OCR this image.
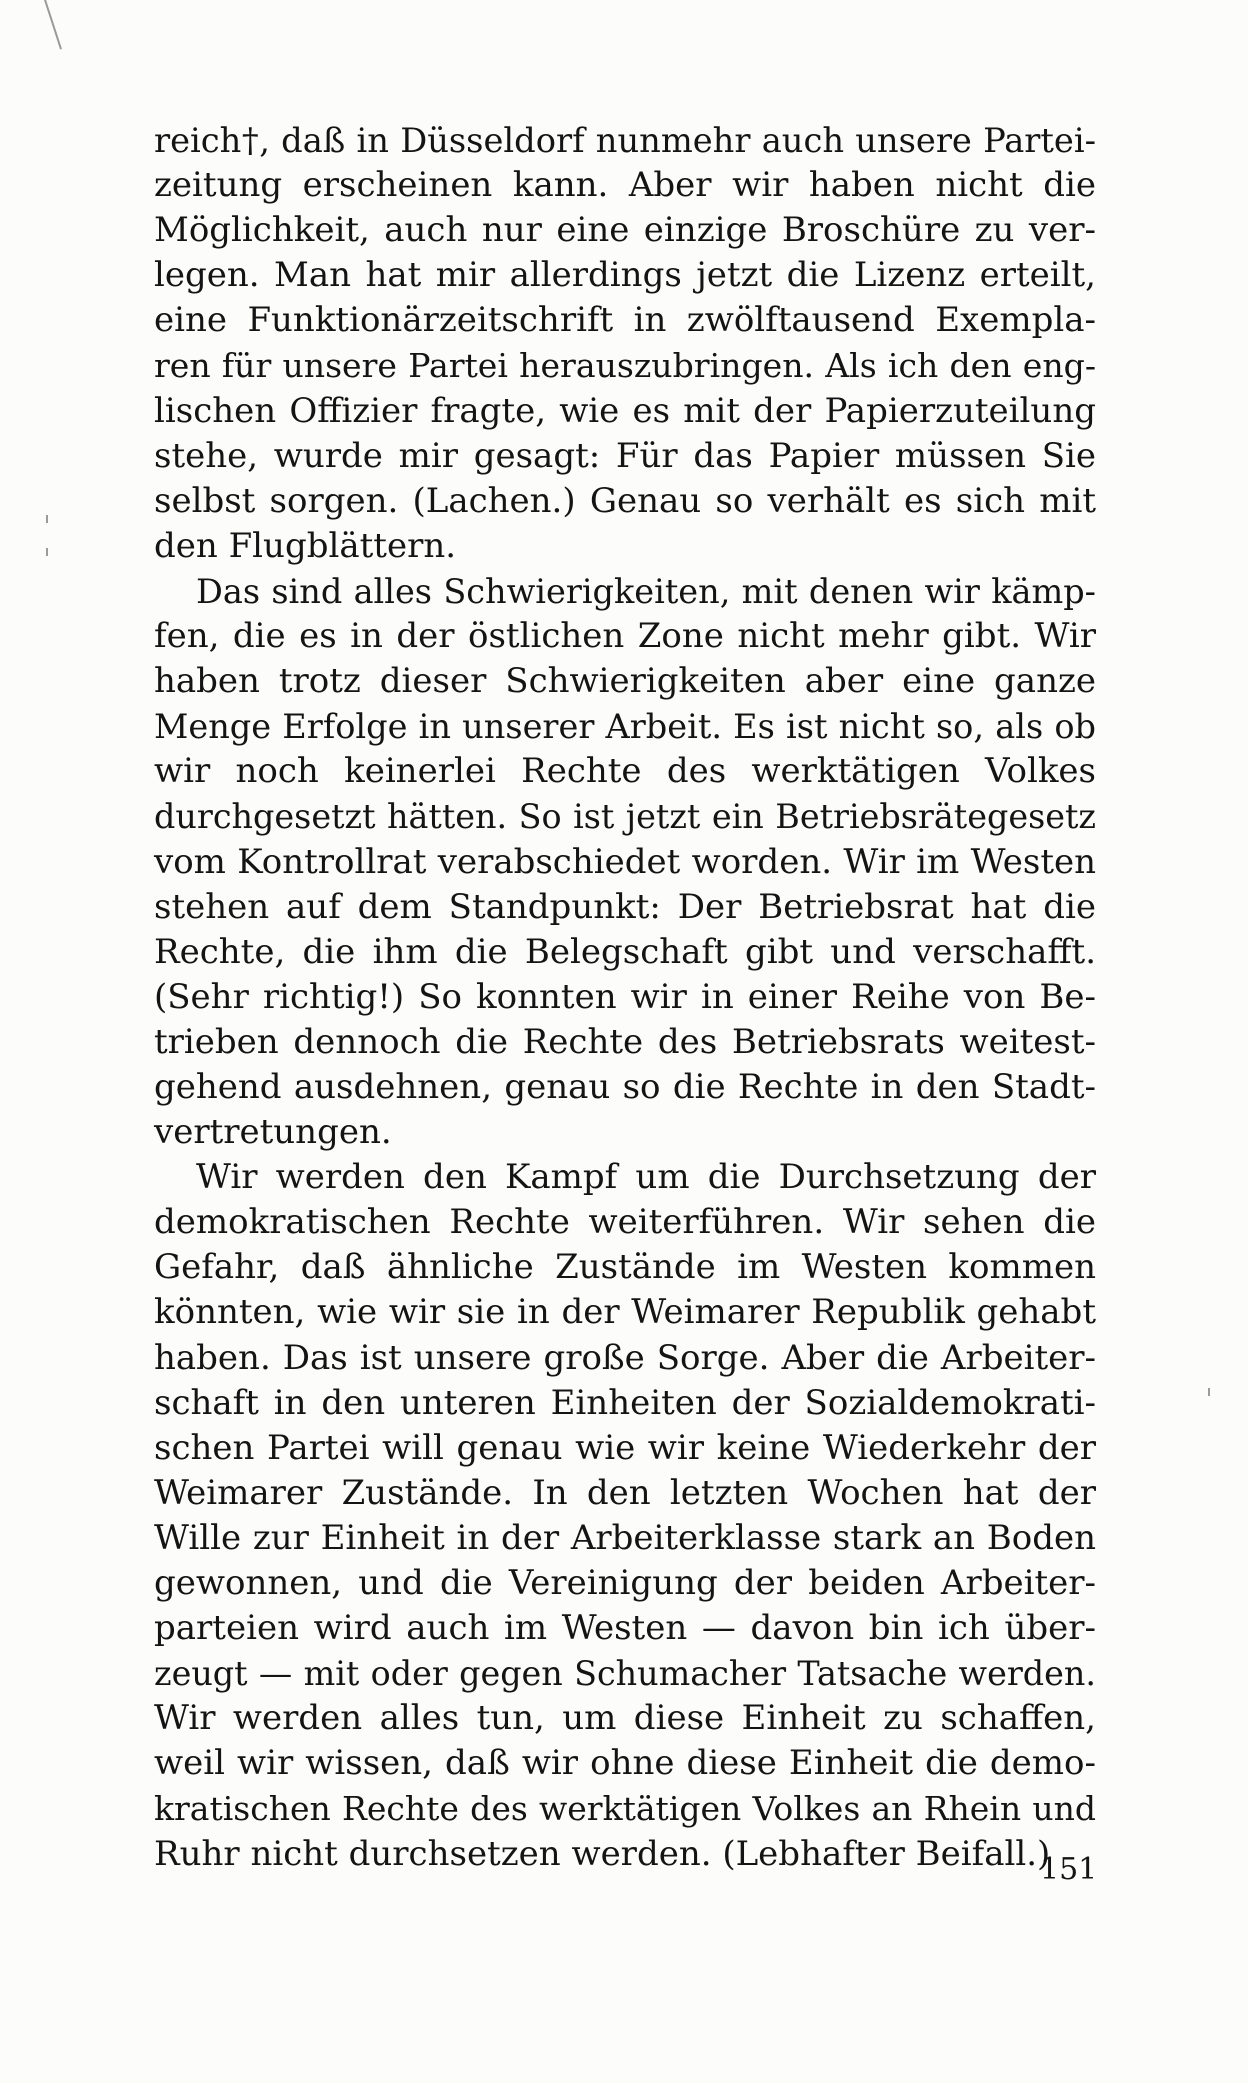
reich†, daß in Düsseldorf nunmehr auch unsere Partei-
zeitung erscheinen kann. Aber wir haben nicht die
Möglichkeit, auch nur eine einzige Broschüre zu ver-
legen. Man hat mir allerdings jetzt die Lizenz erteilt,
eine Funktionärzeitschrift in zwölftausend Exempla-
ren für unsere Partei herauszubringen. Als ich den eng-
lischen Offizier fragte, wie es mit der Papierzuteilung
stehe, wurde mir gesagt: Für das Papier müssen Sie
selbst sorgen. (Lachen.) Genau so verhält es sich mit
den Flugblättern.
Das sind alles Schwierigkeiten, mit denen wir kämp-
fen, die es in der östlichen Zone nicht mehr gibt. Wir
haben trotz dieser Schwierigkeiten aber eine ganze
Menge Erfolge in unserer Arbeit. Es ist nicht so, als ob
wir noch keinerlei Rechte des werktätigen Volkes
durchgesetzt hätten. So ist jetzt ein Betriebsrätegesetz
vom Kontrollrat verabschiedet worden. Wir im Westen
stehen auf dem Standpunkt: Der Betriebsrat hat die
Rechte, die ihm die Belegschaft gibt und verschafft.
(Sehr richtig!) So konnten wir in einer Reihe von Be-
trieben dennoch die Rechte des Betriebsrats weitest-
gehend ausdehnen, genau so die Rechte in den Stadt-
vertretungen.
Wir werden den Kampf um die Durchsetzung der
demokratischen Rechte weiterführen. Wir sehen die
Gefahr, daß ähnliche Zustände im Westen kommen
könnten, wie wir sie in der Weimarer Republik gehabt
haben. Das ist unsere große Sorge. Aber die Arbeiter-
schaft in den unteren Einheiten der Sozialdemokrati-
schen Partei will genau wie wir keine Wiederkehr der
Weimarer Zustände. In den letzten Wochen hat der
Wille zur Einheit in der Arbeiterklasse stark an Boden
gewonnen, und die Vereinigung der beiden Arbeiter-
parteien wird auch im Westen — davon bin ich über-
zeugt — mit oder gegen Schumacher Tatsache werden.
Wir werden alles tun, um diese Einheit zu schaffen,
weil wir wissen, daß wir ohne diese Einheit die demo-
kratischen Rechte des werktätigen Volkes an Rhein und
Ruhr nicht durchsetzen werden. (Lebhafter Beifall.)
151
